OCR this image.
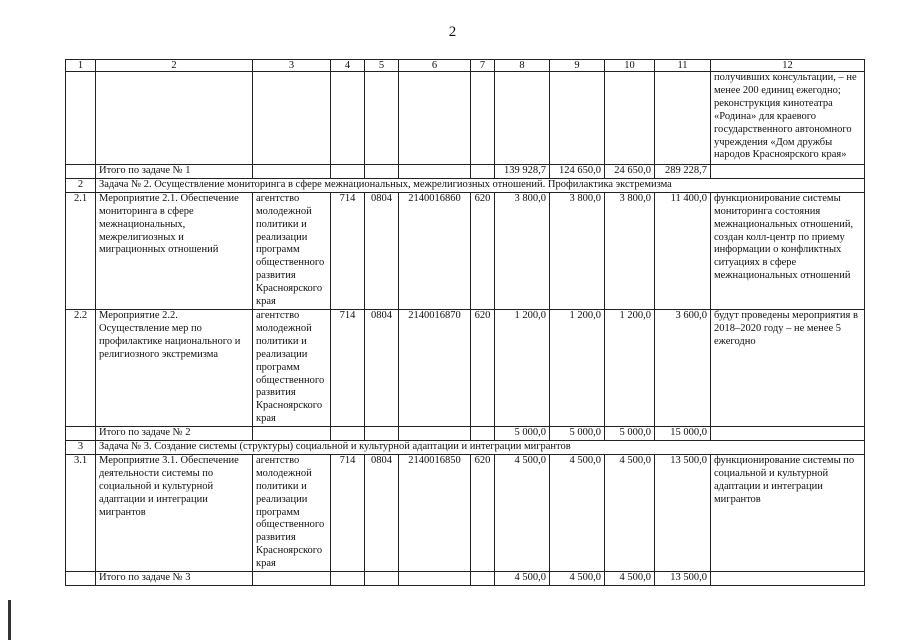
2
1	2	3	4	5	6	7	8	9	10	11	12
											получивших консультации, – не менее 200 единиц ежегодно; реконструкция кинотеатра «Родина» для краевого государственного автономного учреждения «Дом дружбы народов Красноярского края»
	Итого по задаче № 1						139 928,7	124 650,0	24 650,0	289 228,7	
2	Задача № 2. Осуществление мониторинга в сфере межнациональных, межрелигиозных отношений. Профилактика экстремизма										
2.1	Мероприятие 2.1. Обеспечение мониторинга в сфере межнациональных, межрелигиозных и миграционных отношений	агентство молодежной политики и реализации программ общественного развития Красноярского края	714	0804	2140016860	620	3 800,0	3 800,0	3 800,0	11 400,0	функционирование системы мониторинга состояния межнациональных отношений, создан колл-центр по приему информации о конфликтных ситуациях в сфере межнациональных отношений
2.2	Мероприятие 2.2. Осуществление мер по профилактике национального и религиозного экстремизма	агентство молодежной политики и реализации программ общественного развития Красноярского края	714	0804	2140016870	620	1 200,0	1 200,0	1 200,0	3 600,0	будут проведены мероприятия в 2018–2020 году – не менее 5 ежегодно
	Итого по задаче № 2						5 000,0	5 000,0	5 000,0	15 000,0	
3	Задача № 3. Создание системы (структуры) социальной и культурной адаптации и интеграции мигрантов										
3.1	Мероприятие 3.1. Обеспечение деятельности системы по социальной и культурной адаптации и интеграции мигрантов	агентство молодежной политики и реализации программ общественного развития Красноярского края	714	0804	2140016850	620	4 500,0	4 500,0	4 500,0	13 500,0	функционирование системы по социальной и культурной адаптации и интеграции мигрантов
	Итого по задаче № 3						4 500,0	4 500,0	4 500,0	13 500,0	
